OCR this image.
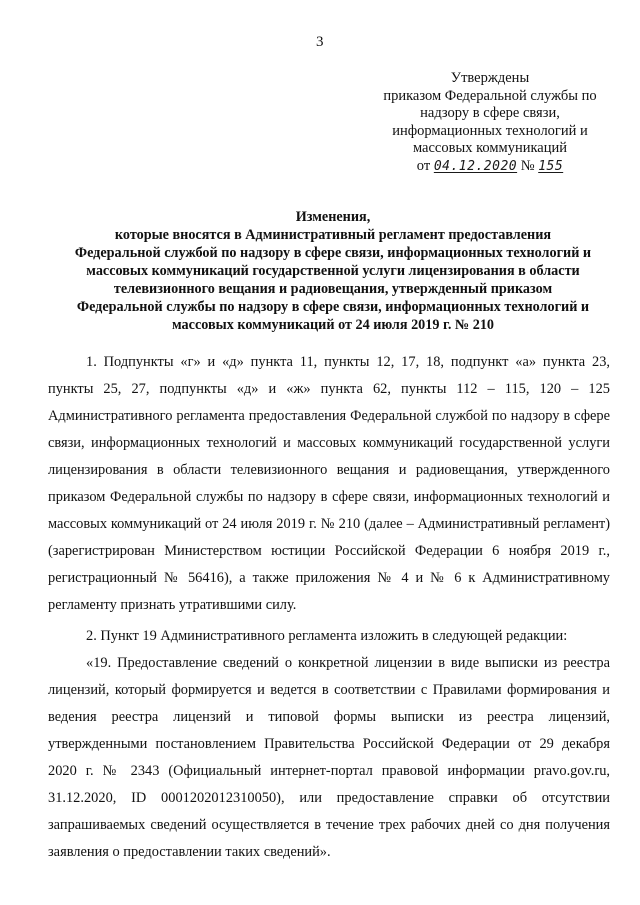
3
Утверждены
приказом Федеральной службы по
надзору в сфере связи,
информационных технологий и
массовых коммуникаций
от 04.12.2020 № 155
Изменения,
которые вносятся в Административный регламент предоставления
Федеральной службой по надзору в сфере связи, информационных технологий и
массовых коммуникаций государственной услуги лицензирования в области
телевизионного вещания и радиовещания, утвержденный приказом
Федеральной службы по надзору в сфере связи, информационных технологий и
массовых коммуникаций от 24 июля 2019 г. № 210

1. Подпункты «г» и «д» пункта 11, пункты 12, 17, 18, подпункт «а» пункта 23, пункты 25, 27, подпункты «д» и «ж» пункта 62, пункты 112 – 115, 120 – 125 Административного регламента предоставления Федеральной службой по надзору в сфере связи, информационных технологий и массовых коммуникаций государственной услуги лицензирования в области телевизионного вещания и радиовещания, утвержденного приказом Федеральной службы по надзору в сфере связи, информационных технологий и массовых коммуникаций от 24 июля 2019 г. № 210 (далее – Административный регламент) (зарегистрирован Министерством юстиции Российской Федерации 6 ноября 2019 г., регистрационный № 56416), а также приложения № 4 и № 6 к Административному регламенту признать утратившими силу.

2. Пункт 19 Административного регламента изложить в следующей редакции:

«19. Предоставление сведений о конкретной лицензии в виде выписки из реестра лицензий, который формируется и ведется в соответствии с Правилами формирования и ведения реестра лицензий и типовой формы выписки из реестра лицензий, утвержденными постановлением Правительства Российской Федерации от 29 декабря 2020 г. № 2343 (Официальный интернет-портал правовой информации pravo.gov.ru, 31.12.2020, ID 0001202012310050), или предоставление справки об отсутствии запрашиваемых сведений осуществляется в течение трех рабочих дней со дня получения заявления о предоставлении таких сведений».
